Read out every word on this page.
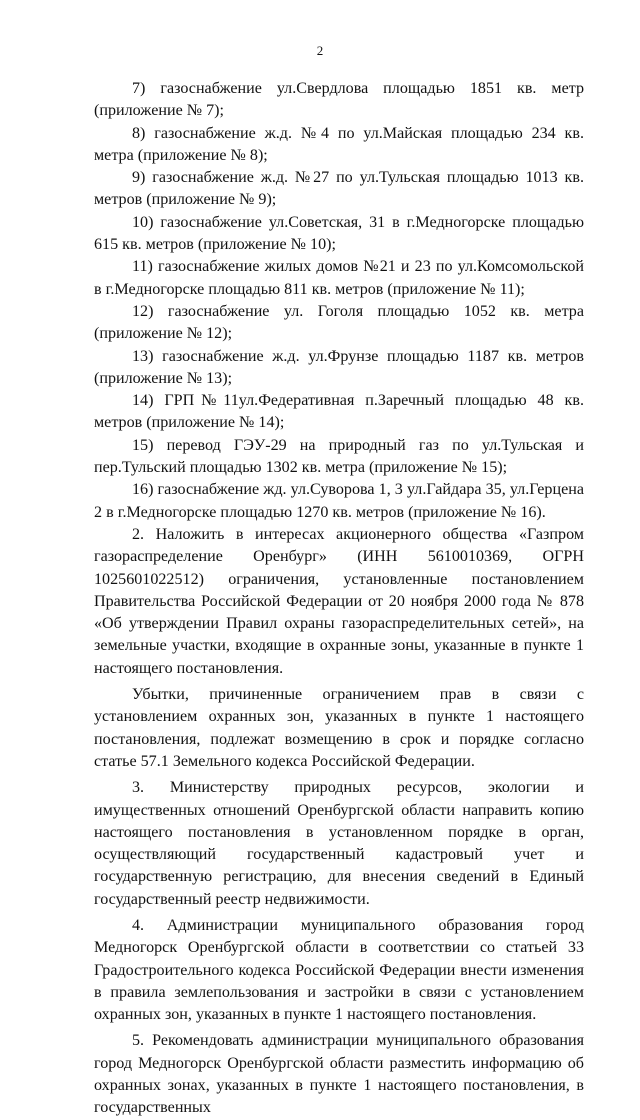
2

7) газоснабжение ул.Свердлова площадью 1851 кв. метр (приложение № 7);

8) газоснабжение ж.д. №4 по ул.Майская площадью 234 кв. метра (приложение № 8);

9) газоснабжение ж.д. №27 по ул.Тульская площадью 1013 кв. метров (приложение № 9);

10) газоснабжение ул.Советская, 31 в г.Медногорске площадью 615 кв. метров (приложение № 10);

11) газоснабжение жилых домов №21 и 23 по ул.Комсомольской в г.Медногорске площадью 811 кв. метров (приложение № 11);

12) газоснабжение ул. Гоголя площадью 1052 кв. метра (приложение № 12);

13) газоснабжение ж.д. ул.Фрунзе площадью 1187 кв. метров (приложение № 13);

14) ГРП№11ул.Федеративная п.Заречный площадью 48 кв. метров (приложение № 14);

15) перевод ГЭУ-29 на природный газ по ул.Тульская и пер.Тульский площадью 1302 кв. метра (приложение № 15);

16) газоснабжение жд. ул.Суворова 1, 3 ул.Гайдара 35, ул.Герцена 2 в г.Медногорске площадью 1270 кв. метров (приложение № 16).

2. Наложить в интересах акционерного общества «Газпром газораспределение Оренбург» (ИНН 5610010369, ОГРН 1025601022512) ограничения, установленные постановлением Правительства Российской Федерации от 20 ноября 2000 года № 878 «Об утверждении Правил охраны газораспределительных сетей», на земельные участки, входящие в охранные зоны, указанные в пункте 1 настоящего постановления.

Убытки, причиненные ограничением прав в связи с установлением охранных зон, указанных в пункте 1 настоящего постановления, подлежат возмещению в срок и порядке согласно статье 57.1 Земельного кодекса Российской Федерации.

3. Министерству природных ресурсов, экологии и имущественных отношений Оренбургской области направить копию настоящего постановления в установленном порядке в орган, осуществляющий государственный кадастровый учет и государственную регистрацию, для внесения сведений в Единый государственный реестр недвижимости.

4. Администрации муниципального образования город Медногорск Оренбургской области в соответствии со статьей 33 Градостроительного кодекса Российской Федерации внести изменения в правила землепользования и застройки в связи с установлением охранных зон, указанных в пункте 1 настоящего постановления.

5. Рекомендовать администрации муниципального образования город Медногорск Оренбургской области разместить информацию об охранных зонах, указанных в пункте 1 настоящего постановления, в государственных
